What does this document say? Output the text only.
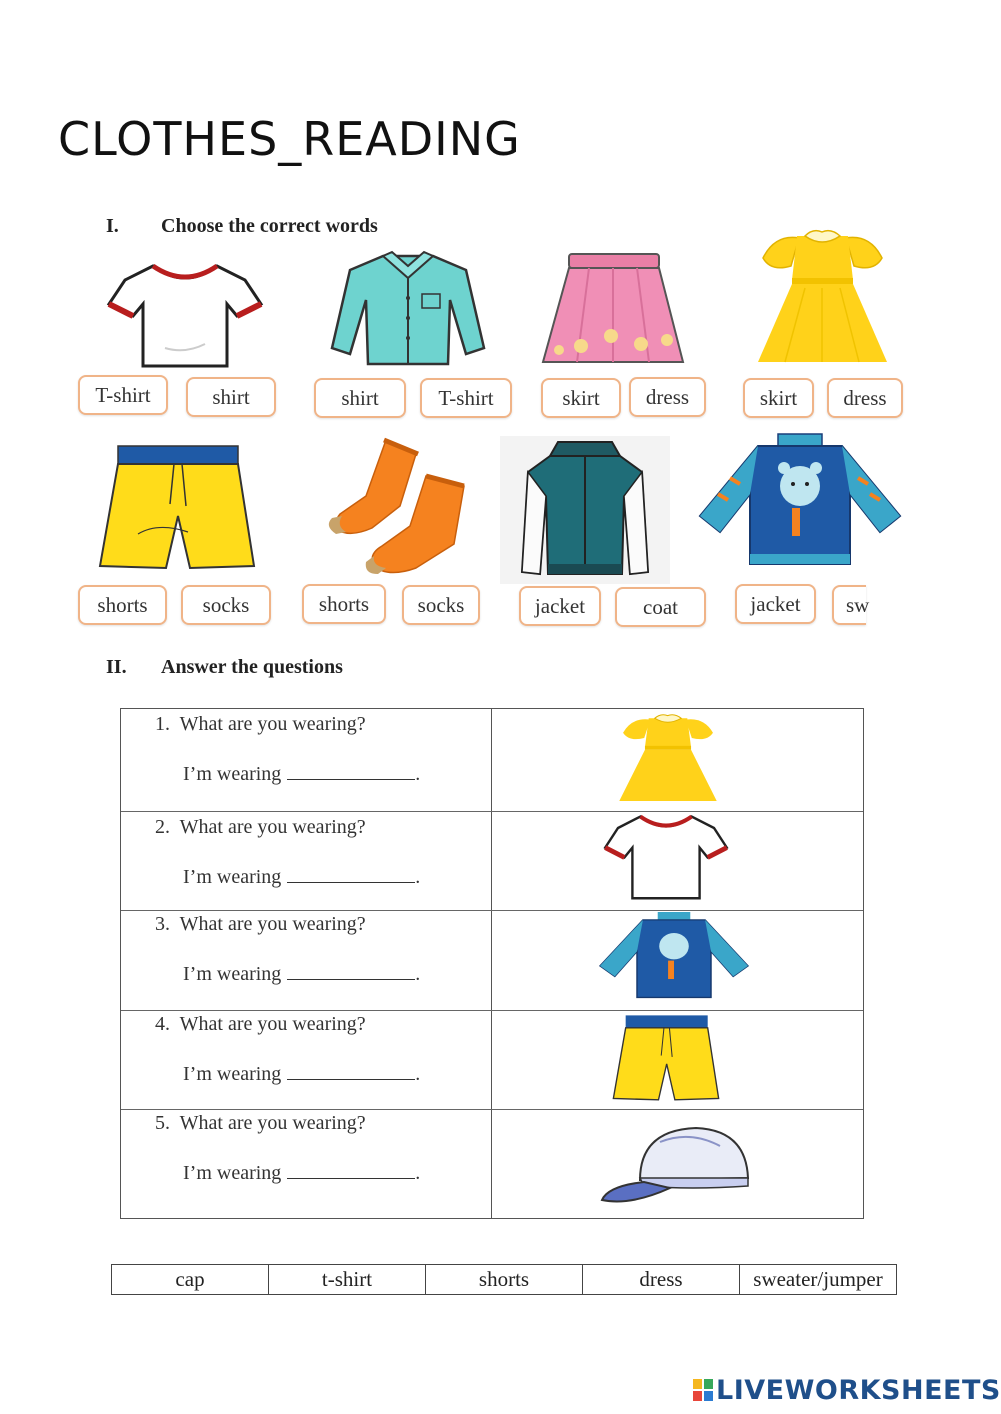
CLOTHES_READING
I. Choose the correct words
T-shirt	shirt	shirt	T-shirt	skirt	dress	skirt	dress
shorts	socks	shorts	socks	jacket	coat	jacket	sw
II. Answer the questions
1. What are you wearing?
I’m wearing	.
2. What are you wearing?
I’m wearing	.
3. What are you wearing?
I’m wearing	.
4. What are you wearing?
I’m wearing	.
5. What are you wearing?
I’m wearing	.
cap	t-shirt	shorts	dress	sweater/jumper
LIVEWORKSHEETS
